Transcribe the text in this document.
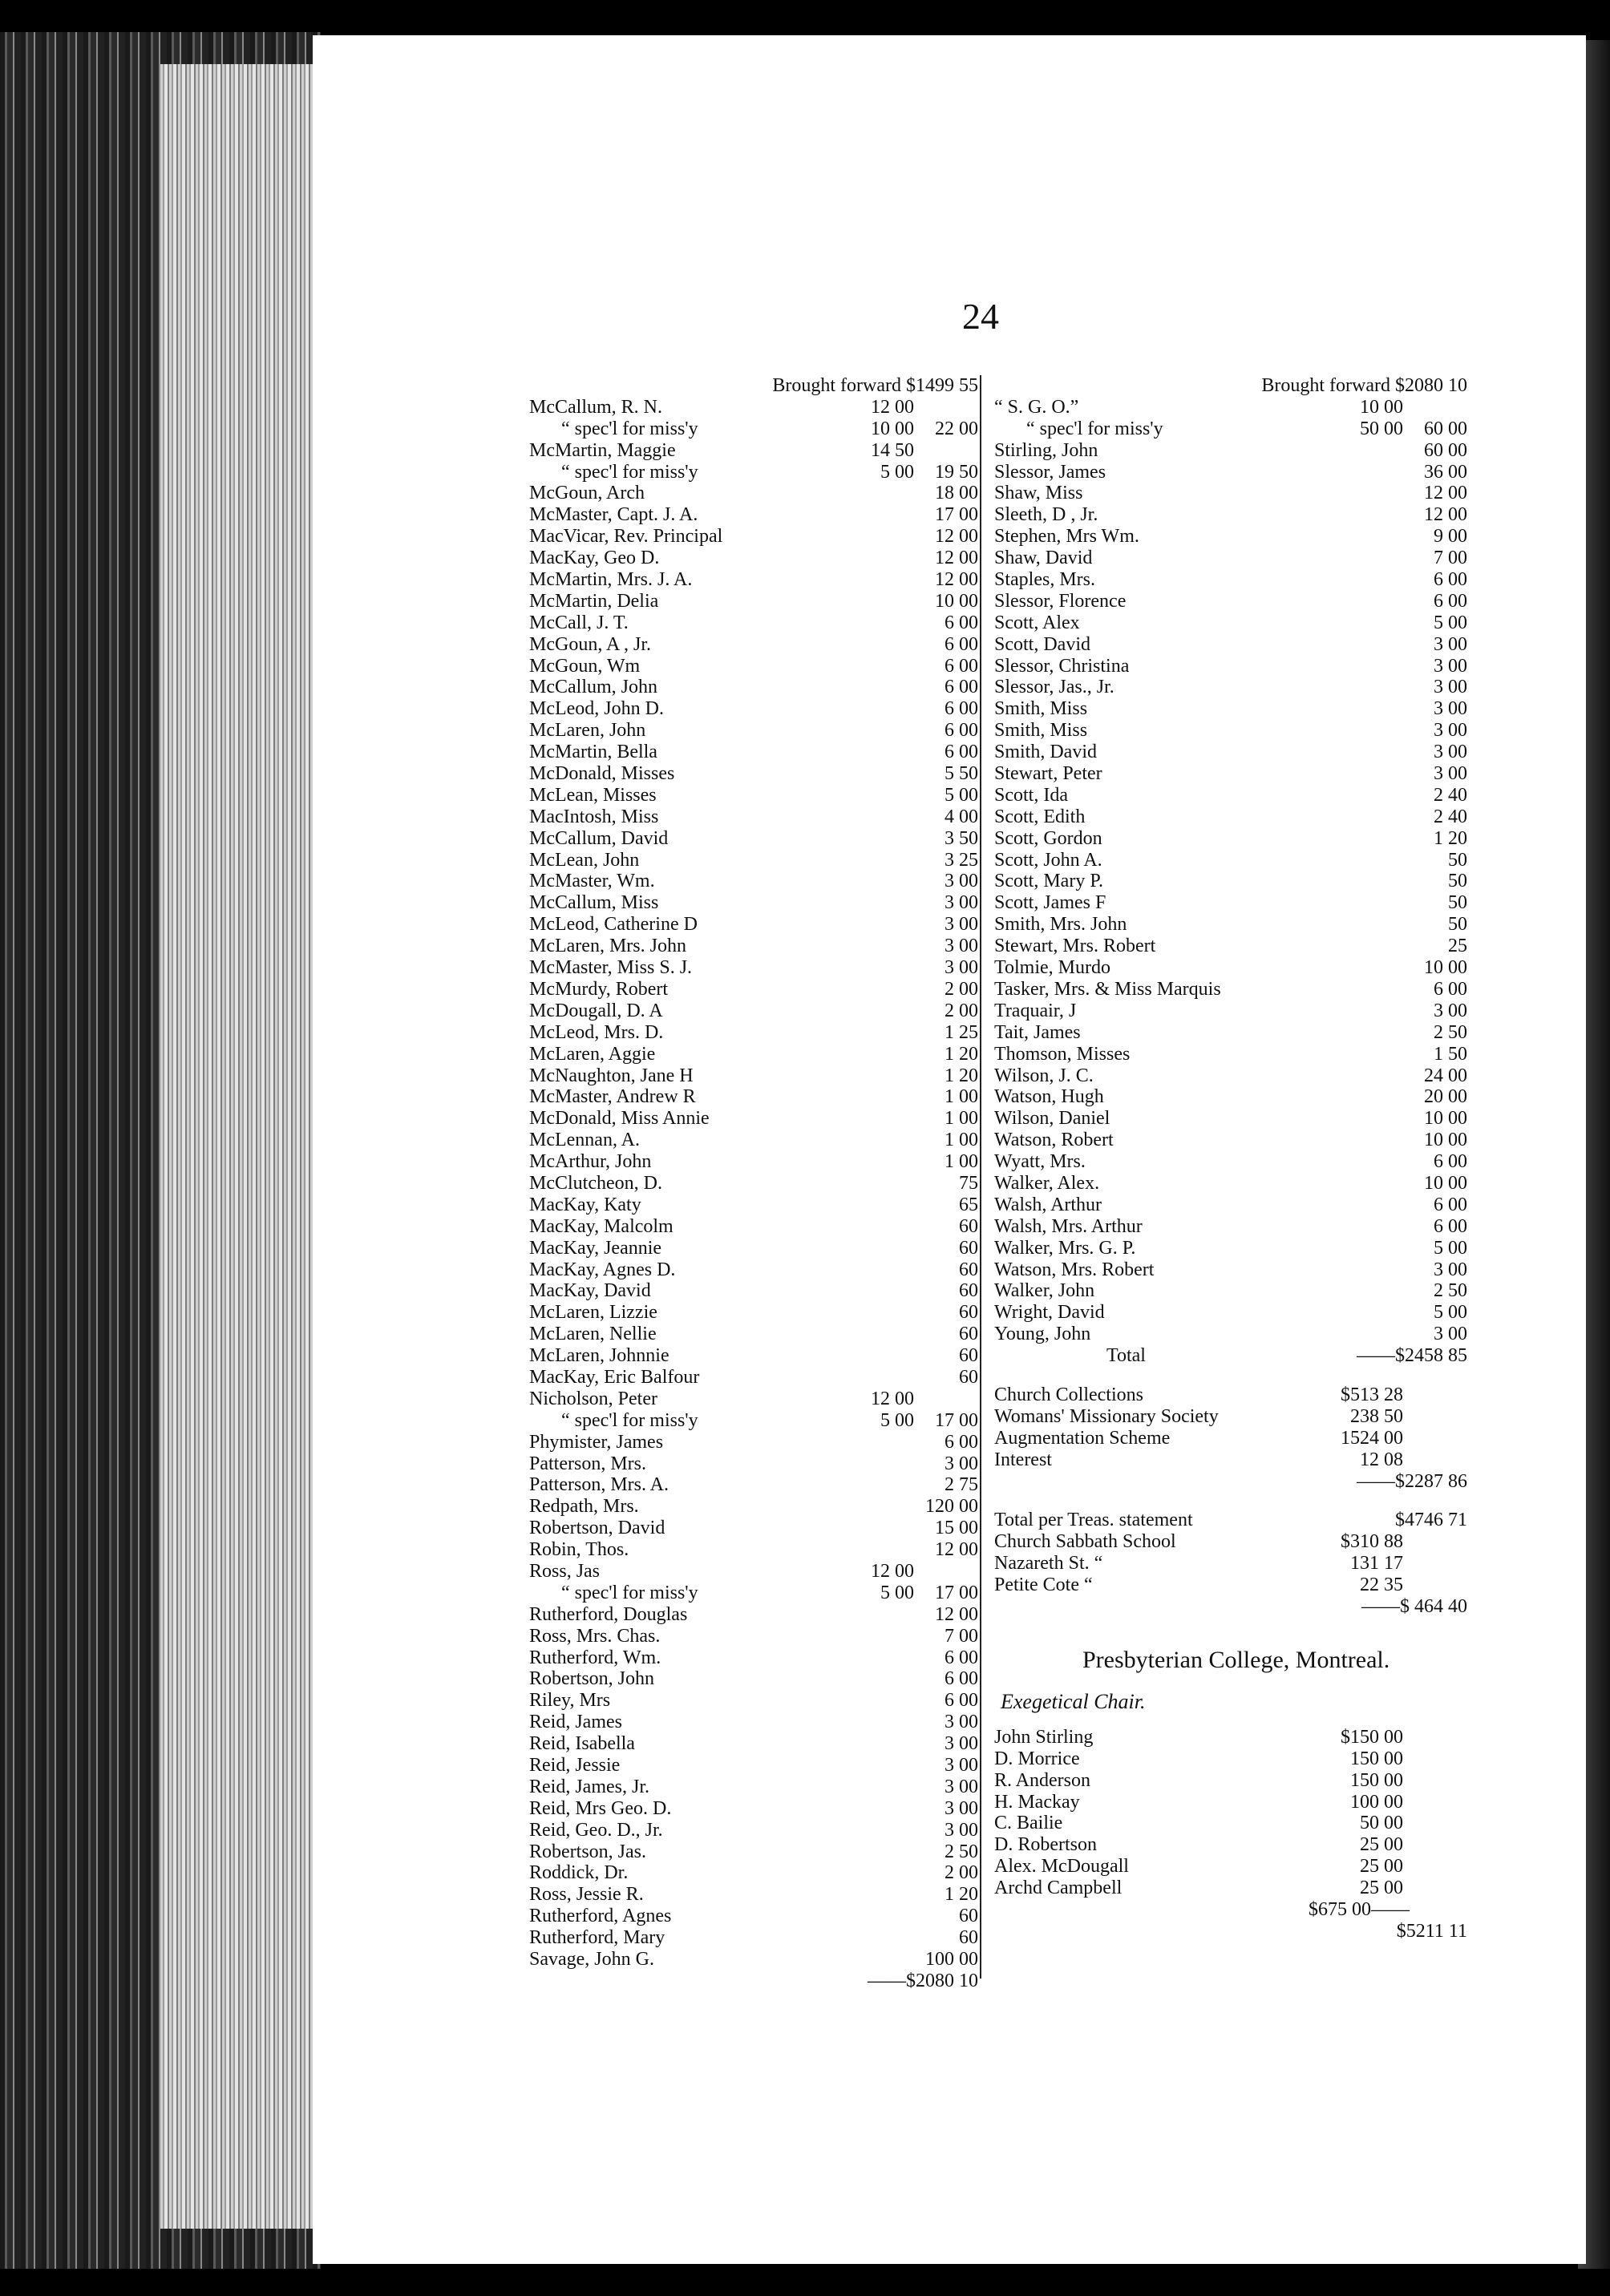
24
Brought forward $1499 55
McCallum, R. N.	12 00
“ spec'l for miss'y	10 00 22 00
McMartin, Maggie	14 50
“ spec'l for miss'y	5 00 19 50
McGoun, Arch	18 00
McMaster, Capt. J. A.	17 00
MacVicar, Rev. Principal	12 00
MacKay, Geo D.	12 00
McMartin, Mrs. J. A.	12 00
McMartin, Delia	10 00
McCall, J. T.	6 00
McGoun, A , Jr.	6 00
McGoun, Wm	6 00
McCallum, John	6 00
McLeod, John D.	6 00
McLaren, John	6 00
McMartin, Bella	6 00
McDonald, Misses	5 50
McLean, Misses	5 00
MacIntosh, Miss	4 00
McCallum, David	3 50
McLean, John	3 25
McMaster, Wm.	3 00
McCallum, Miss	3 00
McLeod, Catherine D	3 00
McLaren, Mrs. John	3 00
McMaster, Miss S. J.	3 00
McMurdy, Robert	2 00
McDougall, D. A	2 00
McLeod, Mrs. D.	1 25
McLaren, Aggie	1 20
McNaughton, Jane H	1 20
McMaster, Andrew R	1 00
McDonald, Miss Annie	1 00
McLennan, A.	1 00
McArthur, John	1 00
McClutcheon, D.	75
MacKay, Katy	65
MacKay, Malcolm	60
MacKay, Jeannie	60
MacKay, Agnes D.	60
MacKay, David	60
McLaren, Lizzie	60
McLaren, Nellie	60
McLaren, Johnnie	60
MacKay, Eric Balfour	60
Nicholson, Peter	12 00
“ spec'l for miss'y	5 00 17 00
Phymister, James	6 00
Patterson, Mrs.	3 00
Patterson, Mrs. A.	2 75
Redpath, Mrs.	120 00
Robertson, David	15 00
Robin, Thos.	12 00
Ross, Jas	12 00
“ spec'l for miss'y	5 00 17 00
Rutherford, Douglas	12 00
Ross, Mrs. Chas.	7 00
Rutherford, Wm.	6 00
Robertson, John	6 00
Riley, Mrs	6 00
Reid, James	3 00
Reid, Isabella	3 00
Reid, Jessie	3 00
Reid, James, Jr.	3 00
Reid, Mrs Geo. D.	3 00
Reid, Geo. D., Jr.	3 00
Robertson, Jas.	2 50
Roddick, Dr.	2 00
Ross, Jessie R.	1 20
Rutherford, Agnes	60
Rutherford, Mary	60
Savage, John G.	100 00
——$2080 10
Brought forward $2080 10
“ S. G. O.”	10 00
“ spec'l for miss'y	50 00 60 00
Stirling, John	60 00
Slessor, James	36 00
Shaw, Miss	12 00
Sleeth, D , Jr.	12 00
Stephen, Mrs Wm.	9 00
Shaw, David	7 00
Staples, Mrs.	6 00
Slessor, Florence	6 00
Scott, Alex	5 00
Scott, David	3 00
Slessor, Christina	3 00
Slessor, Jas., Jr.	3 00
Smith, Miss	3 00
Smith, Miss	3 00
Smith, David	3 00
Stewart, Peter	3 00
Scott, Ida	2 40
Scott, Edith	2 40
Scott, Gordon	1 20
Scott, John A.	50
Scott, Mary P.	50
Scott, James F	50
Smith, Mrs. John	50
Stewart, Mrs. Robert	25
Tolmie, Murdo	10 00
Tasker, Mrs. & Miss Marquis	6 00
Traquair, J	3 00
Tait, James	2 50
Thomson, Misses	1 50
Wilson, J. C.	24 00
Watson, Hugh	20 00
Wilson, Daniel	10 00
Watson, Robert	10 00
Wyatt, Mrs.	6 00
Walker, Alex.	10 00
Walsh, Arthur	6 00
Walsh, Mrs. Arthur	6 00
Walker, Mrs. G. P.	5 00
Watson, Mrs. Robert	3 00
Walker, John	2 50
Wright, David	5 00
Young, John	3 00
Total	——$2458 85
Church Collections	$513 28
Womans' Missionary Society	238 50
Augmentation Scheme	1524 00
Interest	12 08
——$2287 86
Total per Treas. statement	$4746 71
Church Sabbath School	$310 88
Nazareth St. “	131 17
Petite Cote “	22 35
——$ 464 40
Presbyterian College, Montreal.
Exegetical Chair.
John Stirling	$150 00
D. Morrice	150 00
R. Anderson	150 00
H. Mackay	100 00
C. Bailie	50 00
D. Robertson	25 00
Alex. McDougall	25 00
Archd Campbell	25 00
$675 00——
$5211 11
